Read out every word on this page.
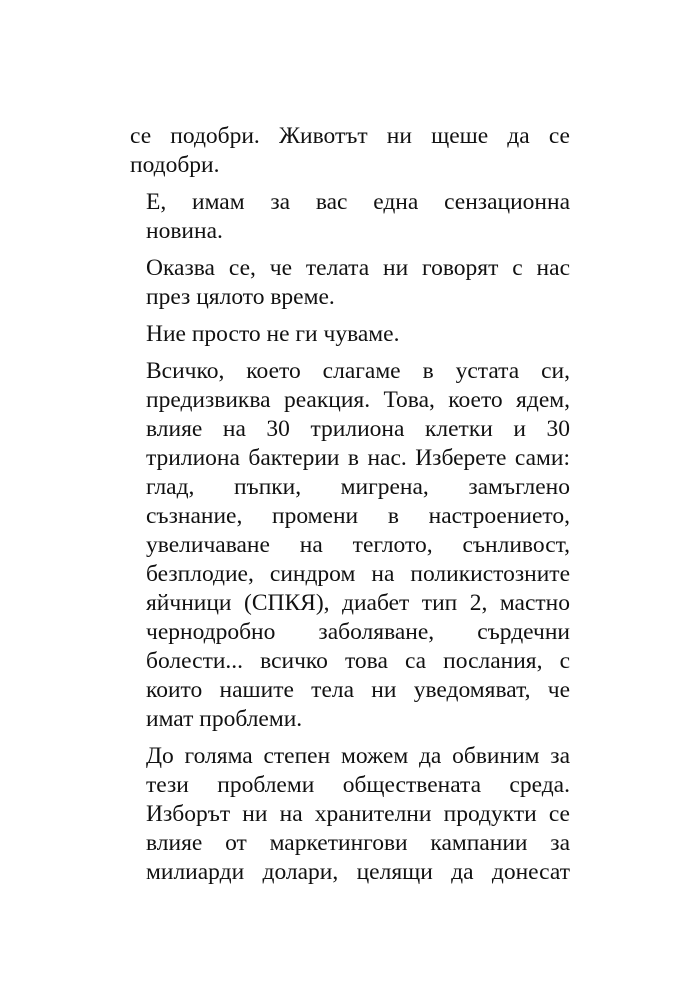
се подобри. Животът ни щеше да се
подобри.

Е, имам за вас една сензационна
новина.

Оказва се, че телата ни говорят с нас
през цялото време.

Ние просто не ги чуваме.

Всичко, което слагаме в устата си,
предизвиква реакция. Това, което ядем,
влияе на 30 трилиона клетки и 30
трилиона бактерии в нас. Изберете сами:
глад, пъпки, мигрена, замъглено
съзнание, промени в настроението,
увеличаване на теглото, сънливост,
безплодие, синдром на поликистозните
яйчници (СПКЯ), диабет тип 2, мастно
чернодробно заболяване, сърдечни
болести... всичко това са послания, с
които нашите тела ни уведомяват, че
имат проблеми.

До голяма степен можем да обвиним за
тези проблеми обществената среда.
Изборът ни на хранителни продукти се
влияе от маркетингови кампании за
милиарди долари, целящи да донесат
